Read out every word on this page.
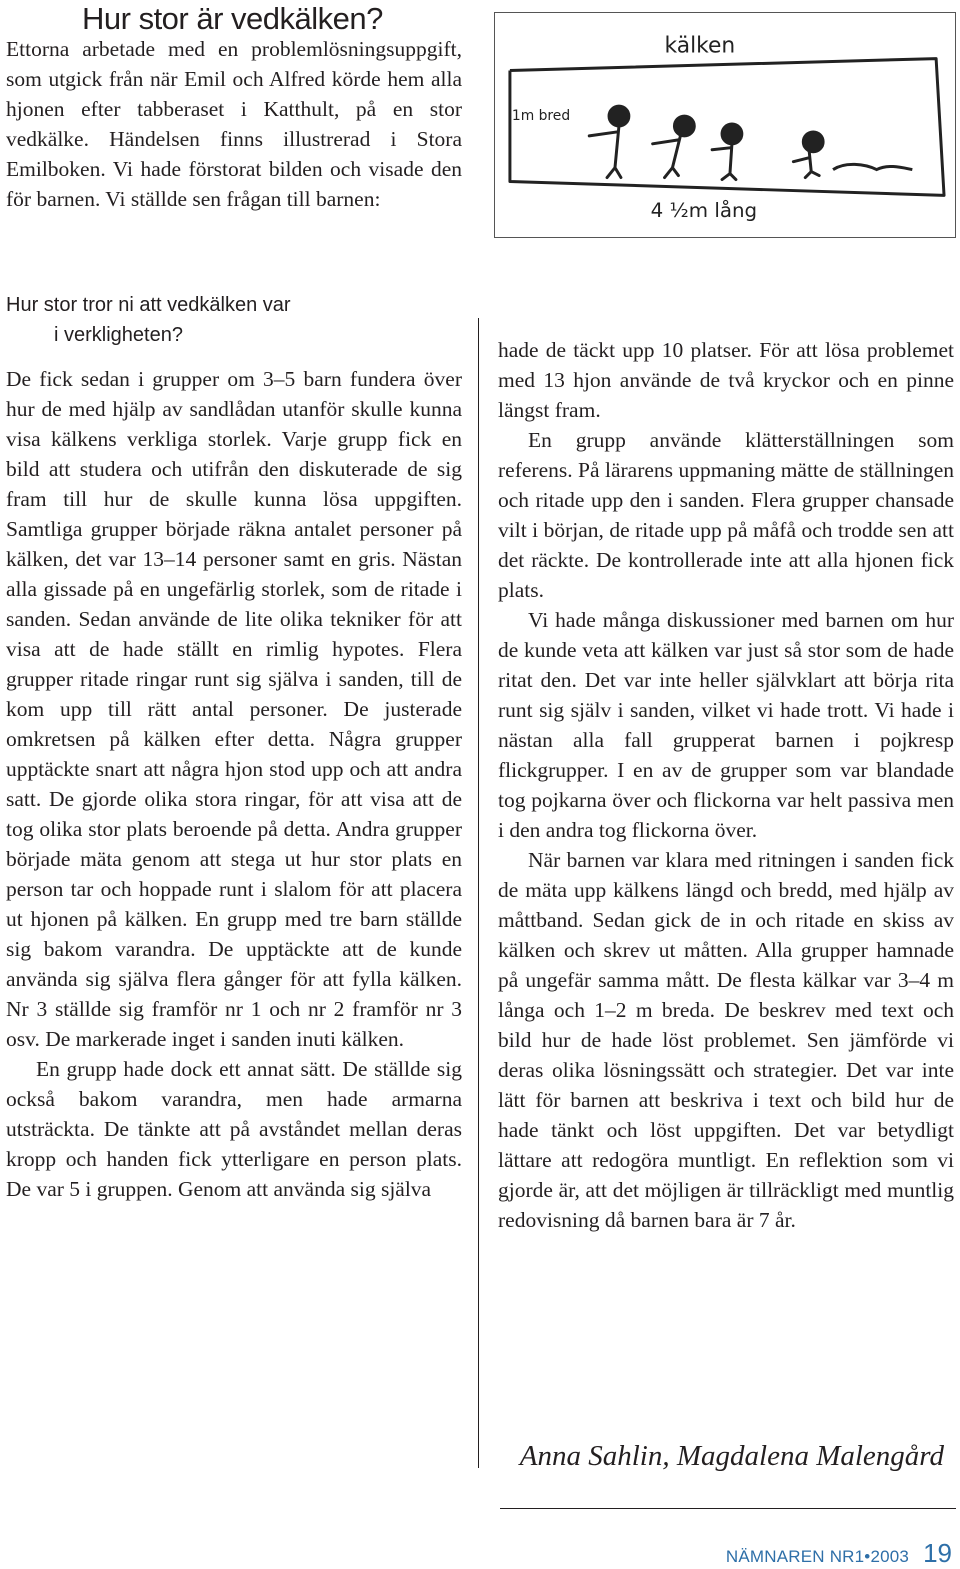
Hur stor är vedkälken?

Ettorna arbetade med en problemlösningsuppgift, som utgick från när Emil och Alfred körde hem alla hjonen efter tabberaset i Katthult, på en stor vedkälke. Händelsen finns illustrerad i Stora Emilboken. Vi hade förstorat bilden och visade den för barnen. Vi ställde sen frågan till barnen:

Hur stor tror ni att vedkälken var
i verkligheten?

De fick sedan i grupper om 3–5 barn fundera över hur de med hjälp av sandlådan utanför skulle kunna visa kälkens verkliga storlek. Varje grupp fick en bild att studera och utifrån den diskuterade de sig fram till hur de skulle kunna lösa uppgiften. Samtliga grupper började räkna antalet personer på kälken, det var 13–14 personer samt en gris. Nästan alla gissade på en ungefärlig storlek, som de ritade i sanden. Sedan använde de lite olika tekniker för att visa att de hade ställt en rimlig hypotes. Flera grupper ritade ringar runt sig själva i sanden, till de kom upp till rätt antal personer. De justerade omkretsen på kälken efter detta. Några grupper upptäckte snart att några hjon stod upp och att andra satt. De gjorde olika stora ringar, för att visa att de tog olika stor plats beroende på detta. Andra grupper började mäta genom att stega ut hur stor plats en person tar och hoppade runt i slalom för att placera ut hjonen på kälken. En grupp med tre barn ställde sig bakom varandra. De upptäckte att de kunde använda sig själva flera gånger för att fylla kälken. Nr 3 ställde sig framför nr 1 och nr 2 framför nr 3 osv. De markerade inget i sanden inuti kälken.

En grupp hade dock ett annat sätt. De ställde sig också bakom varandra, men hade armarna utsträckta. De tänkte att på avståndet mellan deras kropp och handen fick ytterligare en person plats. De var 5 i gruppen. Genom att använda sig själva

kälken
1m bred
4 ½m lång

hade de täckt upp 10 platser. För att lösa problemet med 13 hjon använde de två kryckor och en pinne längst fram.

En grupp använde klätterställningen som referens. På lärarens uppmaning mätte de ställningen och ritade upp den i sanden. Flera grupper chansade vilt i början, de ritade upp på måfå och trodde sen att det räckte. De kontrollerade inte att alla hjonen fick plats.

Vi hade många diskussioner med barnen om hur de kunde veta att kälken var just så stor som de hade ritat den. Det var inte heller självklart att börja rita runt sig själv i sanden, vilket vi hade trott. Vi hade i nästan alla fall grupperat barnen i pojkresp flickgrupper. I en av de grupper som var blandade tog pojkarna över och flickorna var helt passiva men i den andra tog flickorna över.

När barnen var klara med ritningen i sanden fick de mäta upp kälkens längd och bredd, med hjälp av måttband. Sedan gick de in och ritade en skiss av kälken och skrev ut måtten. Alla grupper hamnade på ungefär samma mått. De flesta kälkar var 3–4 m långa och 1–2 m breda. De beskrev med text och bild hur de hade löst problemet. Sen jämförde vi deras olika lösningssätt och strategier. Det var inte lätt för barnen att beskriva i text och bild hur de hade tänkt och löst uppgiften. Det var betydligt lättare att redogöra muntligt. En reflektion som vi gjorde är, att det möjligen är tillräckligt med muntlig redovisning då barnen bara är 7 år.

Anna Sahlin, Magdalena Malengård

NÄMNAREN NR1•2003 19
